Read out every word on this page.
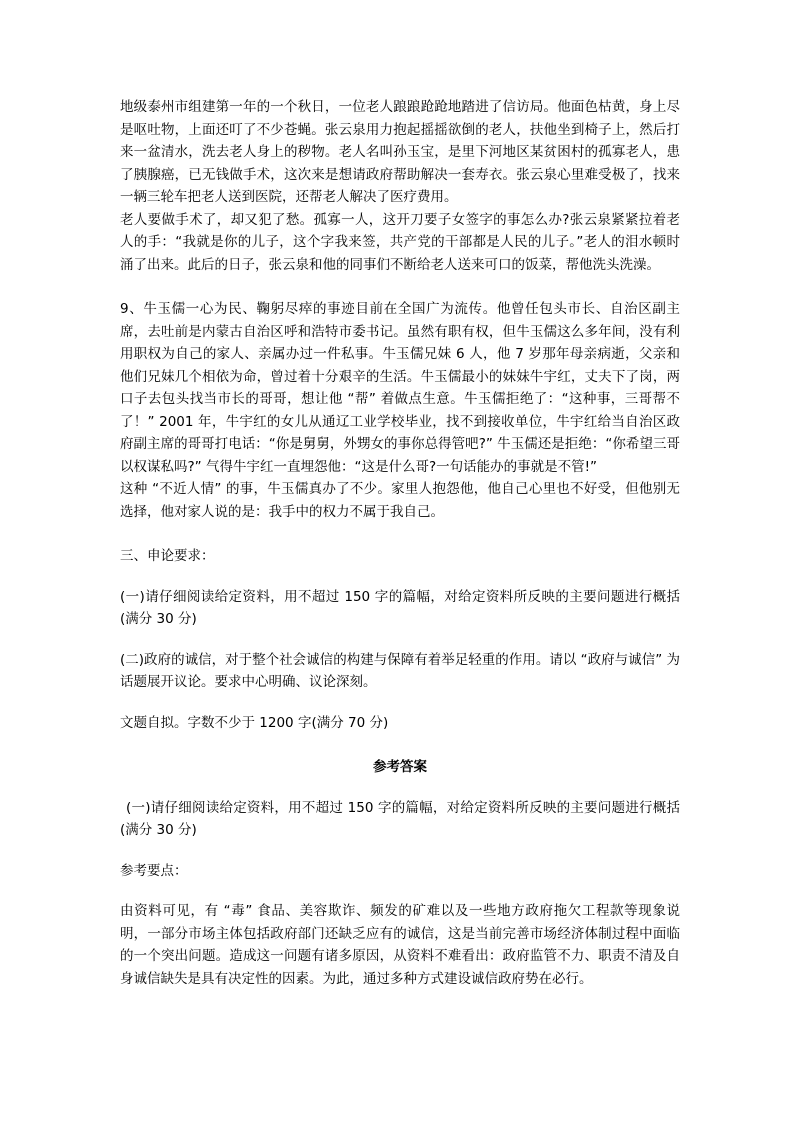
地级泰州市组建第一年的一个秋日，一位老人踉踉跄跄地踏进了信访局。他面色枯黄，身上尽是呕吐物，上面还叮了不少苍蝇。张云泉用力抱起摇摇欲倒的老人，扶他坐到椅子上，然后打来一盆清水，洗去老人身上的秽物。老人名叫孙玉宝，是里下河地区某贫困村的孤寡老人，患了胰腺癌，已无钱做手术，这次来是想请政府帮助解决一套寿衣。张云泉心里难受极了，找来一辆三轮车把老人送到医院，还帮老人解决了医疗费用。

老人要做手术了，却又犯了愁。孤寡一人，这开刀要子女签字的事怎么办?张云泉紧紧拉着老人的手：“我就是你的儿子，这个字我来签，共产党的干部都是人民的儿子。”老人的泪水顿时涌了出来。此后的日子，张云泉和他的同事们不断给老人送来可口的饭菜，帮他洗头洗澡。

9、牛玉儒一心为民、鞠躬尽瘁的事迹目前在全国广为流传。他曾任包头市长、自治区副主席，去吐前是内蒙古自治区呼和浩特市委书记。虽然有职有权，但牛玉儒这么多年间，没有利用职权为自己的家人、亲属办过一件私事。牛玉儒兄妹 6 人，他 7 岁那年母亲病逝，父亲和他们兄妹几个相依为命，曾过着十分艰辛的生活。牛玉儒最小的妹妹牛宇红，丈夫下了岗，两口子去包头找当市长的哥哥，想让他 “帮” 着做点生意。牛玉儒拒绝了：“这种事，三哥帮不了！” 2001 年，牛宇红的女儿从通辽工业学校毕业，找不到接收单位，牛宇红给当自治区政府副主席的哥哥打电话：“你是舅舅，外甥女的事你总得管吧?” 牛玉儒还是拒绝：“你希望三哥以权谋私吗?” 气得牛宇红一直埋怨他：“这是什么哥?一句话能办的事就是不管!”

这种 “不近人情” 的事，牛玉儒真办了不少。家里人抱怨他，他自己心里也不好受，但他别无选择，他对家人说的是：我手中的权力不属于我自己。

三、申论要求：

(一)请仔细阅读给定资料，用不超过 150 字的篇幅，对给定资料所反映的主要问题进行概括(满分 30 分)

(二)政府的诚信，对于整个社会诚信的构建与保障有着举足轻重的作用。请以 “政府与诚信” 为话题展开议论。要求中心明确、议论深刻。

文题自拟。字数不少于 1200 字(满分 70 分)

参考答案

(一)请仔细阅读给定资料，用不超过 150 字的篇幅，对给定资料所反映的主要问题进行概括(满分 30 分)

参考要点：

由资料可见，有 “毒” 食品、美容欺诈、频发的矿难以及一些地方政府拖欠工程款等现象说明，一部分市场主体包括政府部门还缺乏应有的诚信，这是当前完善市场经济体制过程中面临的一个突出问题。造成这一问题有诸多原因，从资料不难看出：政府监管不力、职责不清及自身诚信缺失是具有决定性的因素。为此，通过多种方式建设诚信政府势在必行。
